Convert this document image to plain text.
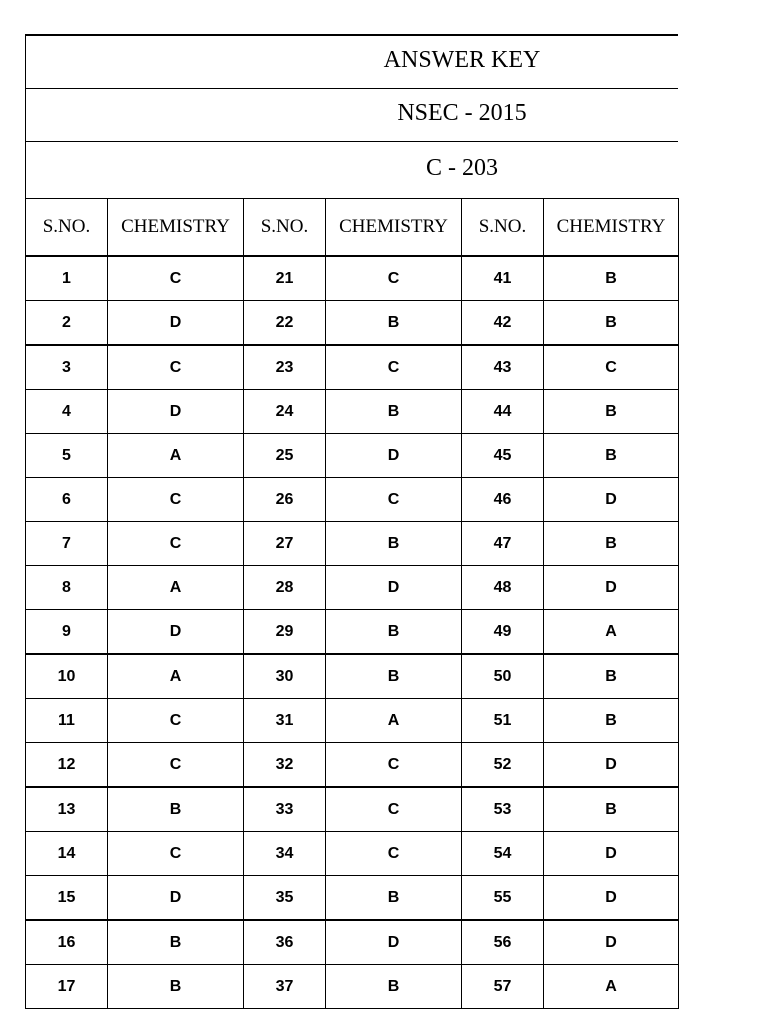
ANSWER KEY
NSEC - 2015
C - 203
S.NO.	CHEMISTRY	S.NO.	CHEMISTRY	S.NO.	CHEMISTRY
1	C	21	C	41	B
2	D	22	B	42	B
3	C	23	C	43	C
4	D	24	B	44	B
5	A	25	D	45	B
6	C	26	C	46	D
7	C	27	B	47	B
8	A	28	D	48	D
9	D	29	B	49	A
10	A	30	B	50	B
11	C	31	A	51	B
12	C	32	C	52	D
13	B	33	C	53	B
14	C	34	C	54	D
15	D	35	B	55	D
16	B	36	D	56	D
17	B	37	B	57	A
